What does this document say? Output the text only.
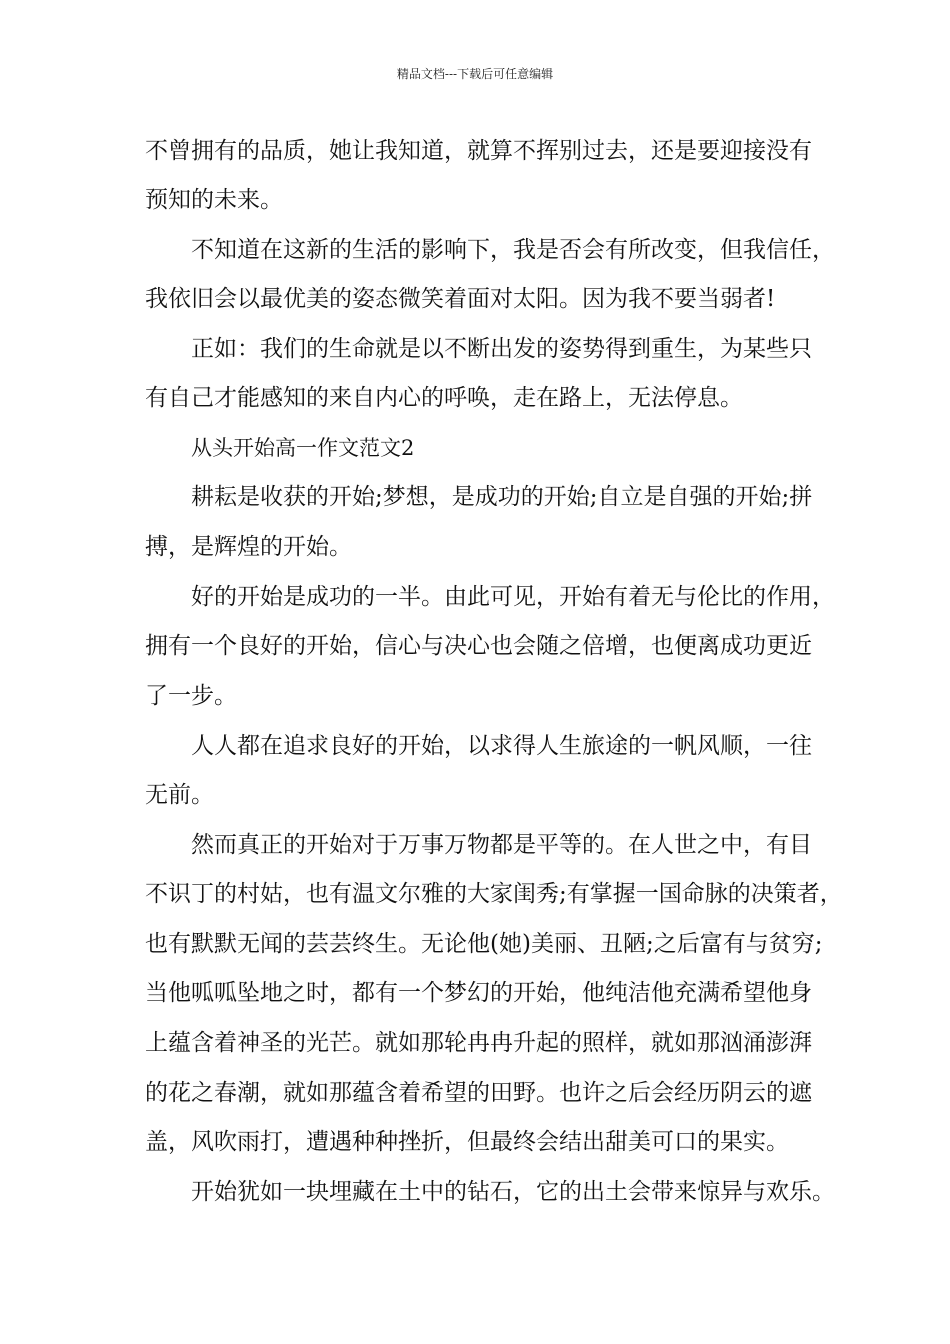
精品文档---下载后可任意编辑
不曾拥有的品质，她让我知道，就算不挥别过去，还是要迎接没有
预知的未来。
不知道在这新的生活的影响下，我是否会有所改变，但我信任，
我依旧会以最优美的姿态微笑着面对太阳。因为我不要当弱者!
正如：我们的生命就是以不断出发的姿势得到重生，为某些只
有自己才能感知的来自内心的呼唤，走在路上，无法停息。
从头开始高一作文范文2
耕耘是收获的开始;梦想，是成功的开始;自立是自强的开始;拼
搏，是辉煌的开始。
好的开始是成功的一半。由此可见，开始有着无与伦比的作用，
拥有一个良好的开始，信心与决心也会随之倍增，也便离成功更近
了一步。
人人都在追求良好的开始，以求得人生旅途的一帆风顺，一往
无前。
然而真正的开始对于万事万物都是平等的。在人世之中，有目
不识丁的村姑，也有温文尔雅的大家闺秀;有掌握一国命脉的决策者，
也有默默无闻的芸芸终生。无论他(她)美丽、丑陋;之后富有与贫穷;
当他呱呱坠地之时，都有一个梦幻的开始，他纯洁他充满希望他身
上蕴含着神圣的光芒。就如那轮冉冉升起的照样，就如那汹涌澎湃
的花之春潮，就如那蕴含着希望的田野。也许之后会经历阴云的遮
盖，风吹雨打，遭遇种种挫折，但最终会结出甜美可口的果实。
开始犹如一块埋藏在土中的钻石，它的出土会带来惊异与欢乐。
